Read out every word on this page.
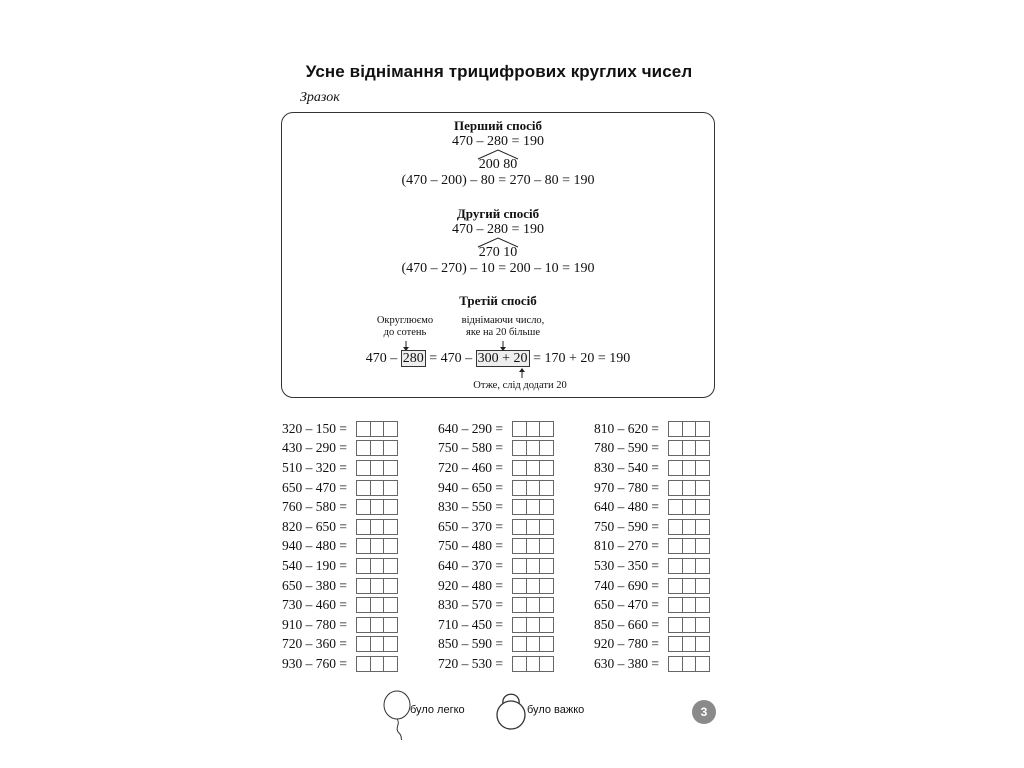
Усне віднімання трицифрових круглих чисел
Зразок
Перший спосіб
470 – 280 = 190
200 80
(470 – 200) – 80 = 270 – 80 = 190
Другий спосіб
470 – 280 = 190
270 10
(470 – 270) – 10 = 200 – 10 = 190
Третій спосіб
Округлюємо
до сотень
віднімаючи число,
яке на 20 більше
470 – 280 = 470 – 300 + 20 = 170 + 20 = 190
Отже, слід додати 20
320 – 150 =
430 – 290 =
510 – 320 =
650 – 470 =
760 – 580 =
820 – 650 =
940 – 480 =
540 – 190 =
650 – 380 =
730 – 460 =
910 – 780 =
720 – 360 =
930 – 760 =
640 – 290 =
750 – 580 =
720 – 460 =
940 – 650 =
830 – 550 =
650 – 370 =
750 – 480 =
640 – 370 =
920 – 480 =
830 – 570 =
710 – 450 =
850 – 590 =
720 – 530 =
810 – 620 =
780 – 590 =
830 – 540 =
970 – 780 =
640 – 480 =
750 – 590 =
810 – 270 =
530 – 350 =
740 – 690 =
650 – 470 =
850 – 660 =
920 – 780 =
630 – 380 =
було легко	було важко	3
